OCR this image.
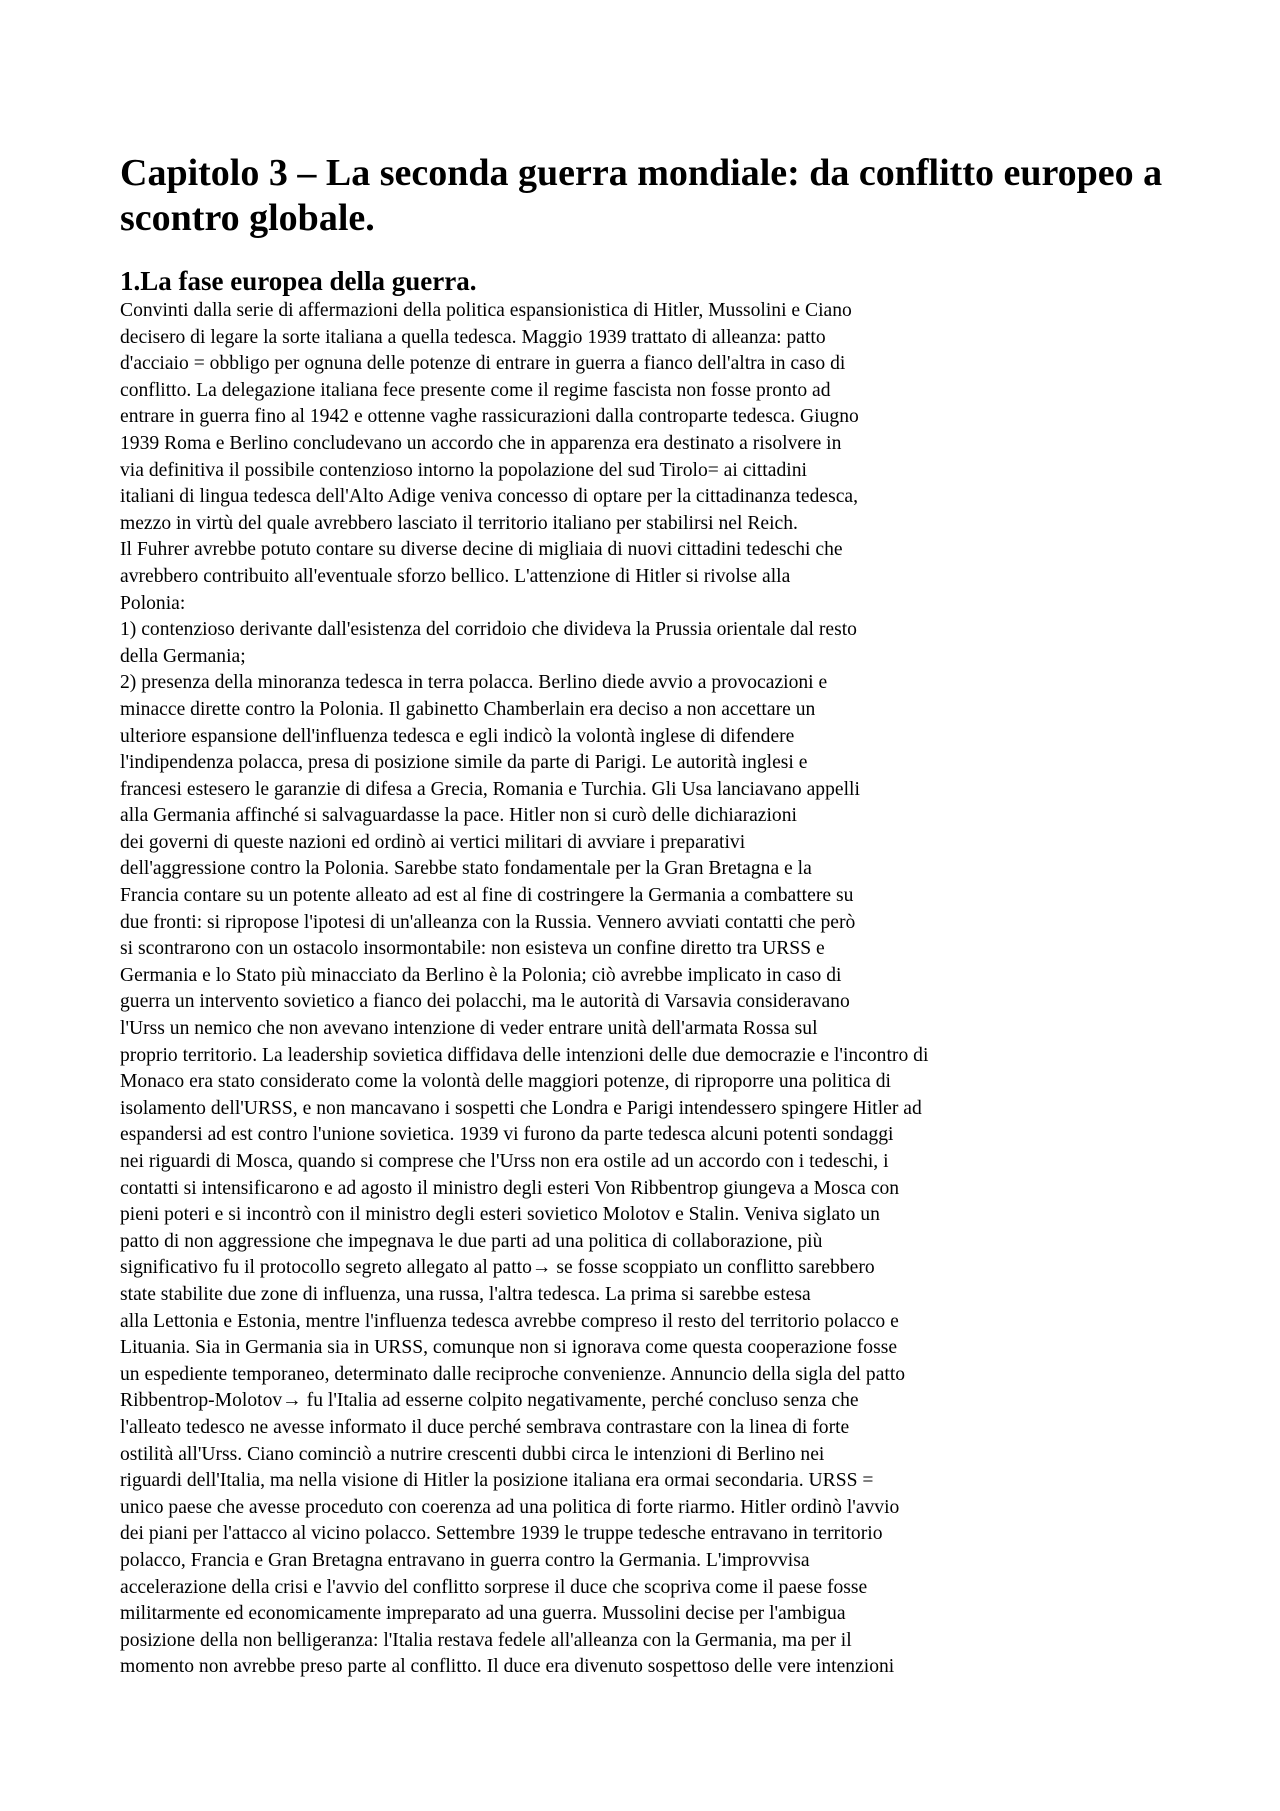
Capitolo 3 – La seconda guerra mondiale: da conflitto europeo a scontro globale.
1.La fase europea della guerra.
Convinti dalla serie di affermazioni della politica espansionistica di Hitler, Mussolini e Ciano
decisero di legare la sorte italiana a quella tedesca. Maggio 1939 trattato di alleanza: patto
d'acciaio = obbligo per ognuna delle potenze di entrare in guerra a fianco dell'altra in caso di
conflitto. La delegazione italiana fece presente come il regime fascista non fosse pronto ad
entrare in guerra fino al 1942 e ottenne vaghe rassicurazioni dalla controparte tedesca. Giugno
1939 Roma e Berlino concludevano un accordo che in apparenza era destinato a risolvere in
via definitiva il possibile contenzioso intorno la popolazione del sud Tirolo= ai cittadini
italiani di lingua tedesca dell'Alto Adige veniva concesso di optare per la cittadinanza tedesca,
mezzo in virtù del quale avrebbero lasciato il territorio italiano per stabilirsi nel Reich.
Il Fuhrer avrebbe potuto contare su diverse decine di migliaia di nuovi cittadini tedeschi che
avrebbero contribuito all'eventuale sforzo bellico. L'attenzione di Hitler si rivolse alla
Polonia:
1) contenzioso derivante dall'esistenza del corridoio che divideva la Prussia orientale dal resto
della Germania;
2) presenza della minoranza tedesca in terra polacca. Berlino diede avvio a provocazioni e
minacce dirette contro la Polonia. Il gabinetto Chamberlain era deciso a non accettare un
ulteriore espansione dell'influenza tedesca e egli indicò la volontà inglese di difendere
l'indipendenza polacca, presa di posizione simile da parte di Parigi. Le autorità inglesi e
francesi estesero le garanzie di difesa a Grecia, Romania e Turchia. Gli Usa lanciavano appelli
alla Germania affinché si salvaguardasse la pace. Hitler non si curò delle dichiarazioni
dei governi di queste nazioni ed ordinò ai vertici militari di avviare i preparativi
dell'aggressione contro la Polonia. Sarebbe stato fondamentale per la Gran Bretagna e la
Francia contare su un potente alleato ad est al fine di costringere la Germania a combattere su
due fronti: si ripropose l'ipotesi di un'alleanza con la Russia. Vennero avviati contatti che però
si scontrarono con un ostacolo insormontabile: non esisteva un confine diretto tra URSS e
Germania e lo Stato più minacciato da Berlino è la Polonia; ciò avrebbe implicato in caso di
guerra un intervento sovietico a fianco dei polacchi, ma le autorità di Varsavia consideravano
l'Urss un nemico che non avevano intenzione di veder entrare unità dell'armata Rossa sul
proprio territorio. La leadership sovietica diffidava delle intenzioni delle due democrazie e l'incontro di
Monaco era stato considerato come la volontà delle maggiori potenze, di riproporre una politica di
isolamento dell'URSS, e non mancavano i sospetti che Londra e Parigi intendessero spingere Hitler ad
espandersi ad est contro l'unione sovietica. 1939 vi furono da parte tedesca alcuni potenti sondaggi
nei riguardi di Mosca, quando si comprese che l'Urss non era ostile ad un accordo con i tedeschi, i
contatti si intensificarono e ad agosto il ministro degli esteri Von Ribbentrop giungeva a Mosca con
pieni poteri e si incontrò con il ministro degli esteri sovietico Molotov e Stalin. Veniva siglato un
patto di non aggressione che impegnava le due parti ad una politica di collaborazione, più
significativo fu il protocollo segreto allegato al patto→ se fosse scoppiato un conflitto sarebbero
state stabilite due zone di influenza, una russa, l'altra tedesca. La prima si sarebbe estesa
alla Lettonia e Estonia, mentre l'influenza tedesca avrebbe compreso il resto del territorio polacco e
Lituania. Sia in Germania sia in URSS, comunque non si ignorava come questa cooperazione fosse
un espediente temporaneo, determinato dalle reciproche convenienze. Annuncio della sigla del patto
Ribbentrop-Molotov→ fu l'Italia ad esserne colpito negativamente, perché concluso senza che
l'alleato tedesco ne avesse informato il duce perché sembrava contrastare con la linea di forte
ostilità all'Urss. Ciano cominciò a nutrire crescenti dubbi circa le intenzioni di Berlino nei
riguardi dell'Italia, ma nella visione di Hitler la posizione italiana era ormai secondaria. URSS =
unico paese che avesse proceduto con coerenza ad una politica di forte riarmo. Hitler ordinò l'avvio
dei piani per l'attacco al vicino polacco. Settembre 1939 le truppe tedesche entravano in territorio
polacco, Francia e Gran Bretagna entravano in guerra contro la Germania. L'improvvisa
accelerazione della crisi e l'avvio del conflitto sorprese il duce che scopriva come il paese fosse
militarmente ed economicamente impreparato ad una guerra. Mussolini decise per l'ambigua
posizione della non belligeranza: l'Italia restava fedele all'alleanza con la Germania, ma per il
momento non avrebbe preso parte al conflitto. Il duce era divenuto sospettoso delle vere intenzioni
